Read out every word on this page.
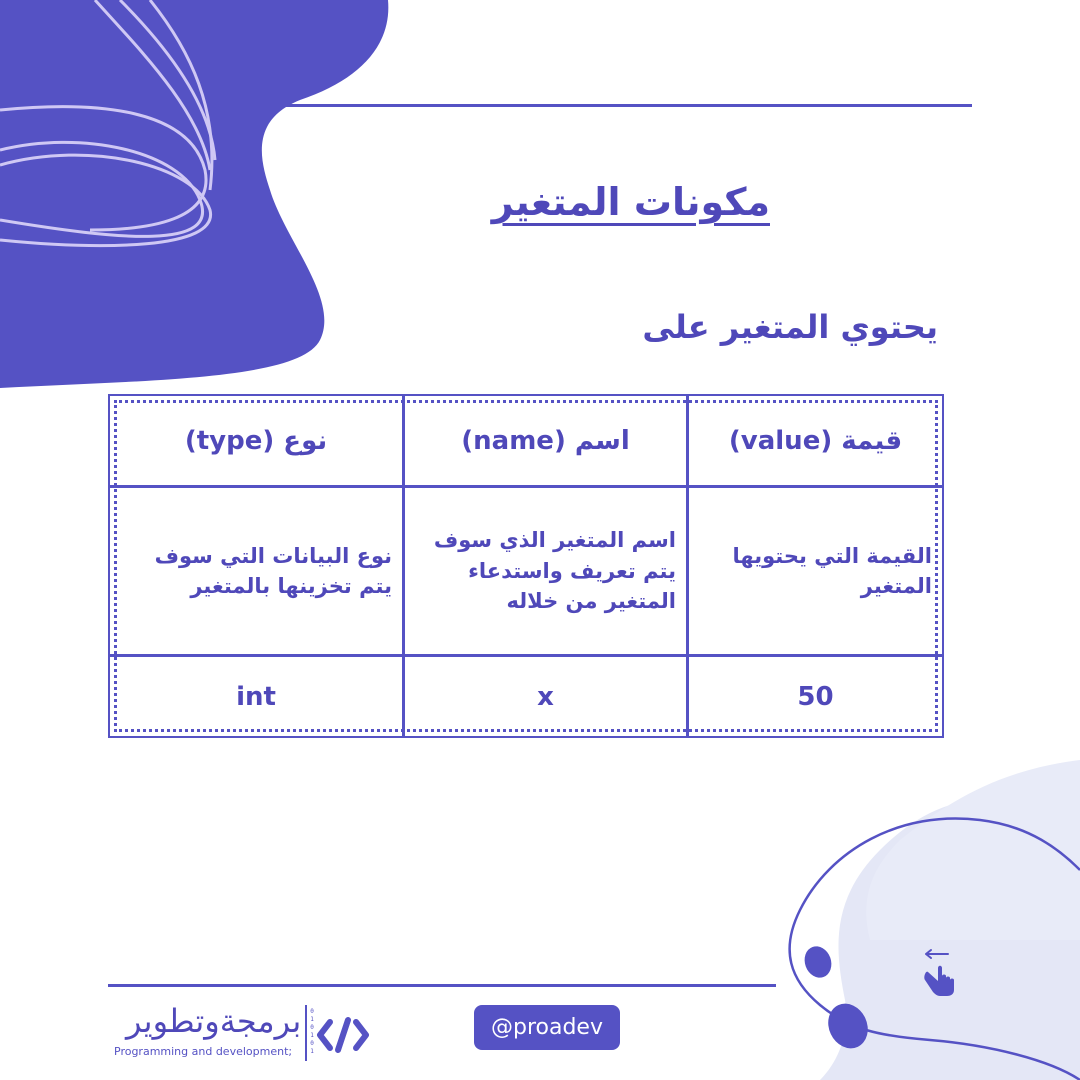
مكونات المتغير
يحتوي المتغير على
قيمة (value)
اسم (name)
نوع (type)
القيمة التي يحتويها المتغير
اسم المتغير الذي سوف يتم تعريف واستدعاء المتغير من خلاله
نوع البيانات التي سوف يتم تخزينها بالمتغير
50
x
int

برمجةوتطوير

Programming and development;

0 1 0 1 0 1
@proadev
